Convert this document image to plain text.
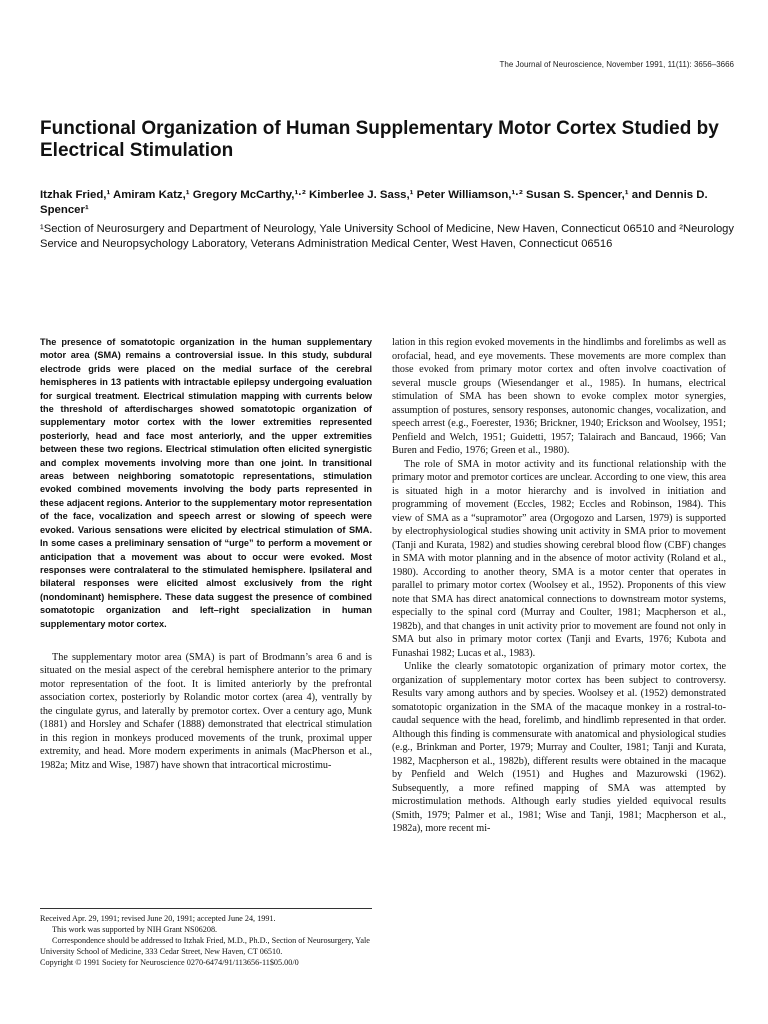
The Journal of Neuroscience, November 1991, 11(11): 3656–3666
Functional Organization of Human Supplementary Motor Cortex Studied by Electrical Stimulation

Itzhak Fried,¹ Amiram Katz,¹ Gregory McCarthy,¹·² Kimberlee J. Sass,¹ Peter Williamson,¹·² Susan S. Spencer,¹ and Dennis D. Spencer¹

¹Section of Neurosurgery and Department of Neurology, Yale University School of Medicine, New Haven, Connecticut 06510 and ²Neurology Service and Neuropsychology Laboratory, Veterans Administration Medical Center, West Haven, Connecticut 06516

The presence of somatotopic organization in the human supplementary motor area (SMA) remains a controversial issue. In this study, subdural electrode grids were placed on the medial surface of the cerebral hemispheres in 13 patients with intractable epilepsy undergoing evaluation for surgical treatment. Electrical stimulation mapping with currents below the threshold of afterdischarges showed somatotopic organization of supplementary motor cortex with the lower extremities represented posteriorly, head and face most anteriorly, and the upper extremities between these two regions. Electrical stimulation often elicited synergistic and complex movements involving more than one joint. In transitional areas between neighboring somatotopic representations, stimulation evoked combined movements involving the body parts represented in these adjacent regions. Anterior to the supplementary motor representation of the face, vocalization and speech arrest or slowing of speech were evoked. Various sensations were elicited by electrical stimulation of SMA. In some cases a preliminary sensation of “urge” to perform a movement or anticipation that a movement was about to occur were evoked. Most responses were contralateral to the stimulated hemisphere. Ipsilateral and bilateral responses were elicited almost exclusively from the right (nondominant) hemisphere. These data suggest the presence of combined somatotopic organization and left–right specialization in human supplementary motor cortex.

The supplementary motor area (SMA) is part of Brodmann’s area 6 and is situated on the mesial aspect of the cerebral hemisphere anterior to the primary motor representation of the foot. It is limited anteriorly by the prefrontal association cortex, posteriorly by Rolandic motor cortex (area 4), ventrally by the cingulate gyrus, and laterally by premotor cortex. Over a century ago, Munk (1881) and Horsley and Schafer (1888) demonstrated that electrical stimulation in this region in monkeys produced movements of the trunk, proximal upper extremity, and head. More modern experiments in animals (MacPherson et al., 1982a; Mitz and Wise, 1987) have shown that intracortical microstimu-

lation in this region evoked movements in the hindlimbs and forelimbs as well as orofacial, head, and eye movements. These movements are more complex than those evoked from primary motor cortex and often involve coactivation of several muscle groups (Wiesendanger et al., 1985). In humans, electrical stimulation of SMA has been shown to evoke complex motor synergies, assumption of postures, sensory responses, autonomic changes, vocalization, and speech arrest (e.g., Foerester, 1936; Brickner, 1940; Erickson and Woolsey, 1951; Penfield and Welch, 1951; Guidetti, 1957; Talairach and Bancaud, 1966; Van Buren and Fedio, 1976; Green et al., 1980).

The role of SMA in motor activity and its functional relationship with the primary motor and premotor cortices are unclear. According to one view, this area is situated high in a motor hierarchy and is involved in initiation and programming of movement (Eccles, 1982; Eccles and Robinson, 1984). This view of SMA as a “supramotor” area (Orgogozo and Larsen, 1979) is supported by electrophysiological studies showing unit activity in SMA prior to movement (Tanji and Kurata, 1982) and studies showing cerebral blood flow (CBF) changes in SMA with motor planning and in the absence of motor activity (Roland et al., 1980). According to another theory, SMA is a motor center that operates in parallel to primary motor cortex (Woolsey et al., 1952). Proponents of this view note that SMA has direct anatomical connections to downstream motor systems, especially to the spinal cord (Murray and Coulter, 1981; Macpherson et al., 1982b), and that changes in unit activity prior to movement are found not only in SMA but also in primary motor cortex (Tanji and Evarts, 1976; Kubota and Funashai 1982; Lucas et al., 1983).

Unlike the clearly somatotopic organization of primary motor cortex, the organization of supplementary motor cortex has been subject to controversy. Results vary among authors and by species. Woolsey et al. (1952) demonstrated somatotopic organization in the SMA of the macaque monkey in a rostral-to-caudal sequence with the head, forelimb, and hindlimb represented in that order. Although this finding is commensurate with anatomical and physiological studies (e.g., Brinkman and Porter, 1979; Murray and Coulter, 1981; Tanji and Kurata, 1982, Macpherson et al., 1982b), different results were obtained in the macaque by Penfield and Welch (1951) and Hughes and Mazurowski (1962). Subsequently, a more refined mapping of SMA was attempted by microstimulation methods. Although early studies yielded equivocal results (Smith, 1979; Palmer et al., 1981; Wise and Tanji, 1981; Macpherson et al., 1982a), more recent mi-

Received Apr. 29, 1991; revised June 20, 1991; accepted June 24, 1991.

This work was supported by NIH Grant NS06208.

Correspondence should be addressed to Itzhak Fried, M.D., Ph.D., Section of Neurosurgery, Yale University School of Medicine, 333 Cedar Street, New Haven, CT 06510.

Copyright © 1991 Society for Neuroscience 0270-6474/91/113656-11$05.00/0
